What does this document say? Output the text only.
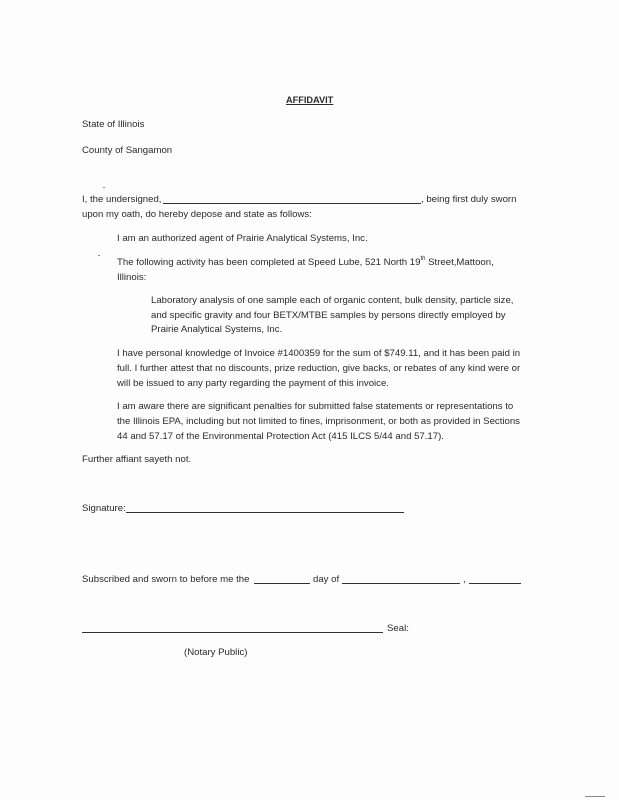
AFFIDAVIT
State of Illinois
County of Sangamon
I, the undersigned,	, being first duly sworn
upon my oath, do hereby depose and state as follows:
I am an authorized agent of Prairie Analytical Systems, Inc.
The following activity has been completed at Speed Lube, 521 North 19th Street,Mattoon,
Illinois:
Laboratory analysis of one sample each of organic content, bulk density, particle size,
and specific gravity and four BETX/MTBE samples by persons directly employed by
Prairie Analytical Systems, Inc.
I have personal knowledge of Invoice #1400359 for the sum of $749.11, and it has been paid in
full. I further attest that no discounts, prize reduction, give backs, or rebates of any kind were or
will be issued to any party regarding the payment of this invoice.
I am aware there are significant penalties for submitted false statements or representations to
the Illinois EPA, including but not limited to fines, imprisonment, or both as provided in Sections
44 and 57.17 of the Environmental Protection Act (415 ILCS 5/44 and 57.17).
Further affiant sayeth not.
Signature:
Subscribed and sworn to before me the	day of	,
Seal:
(Notary Public)
